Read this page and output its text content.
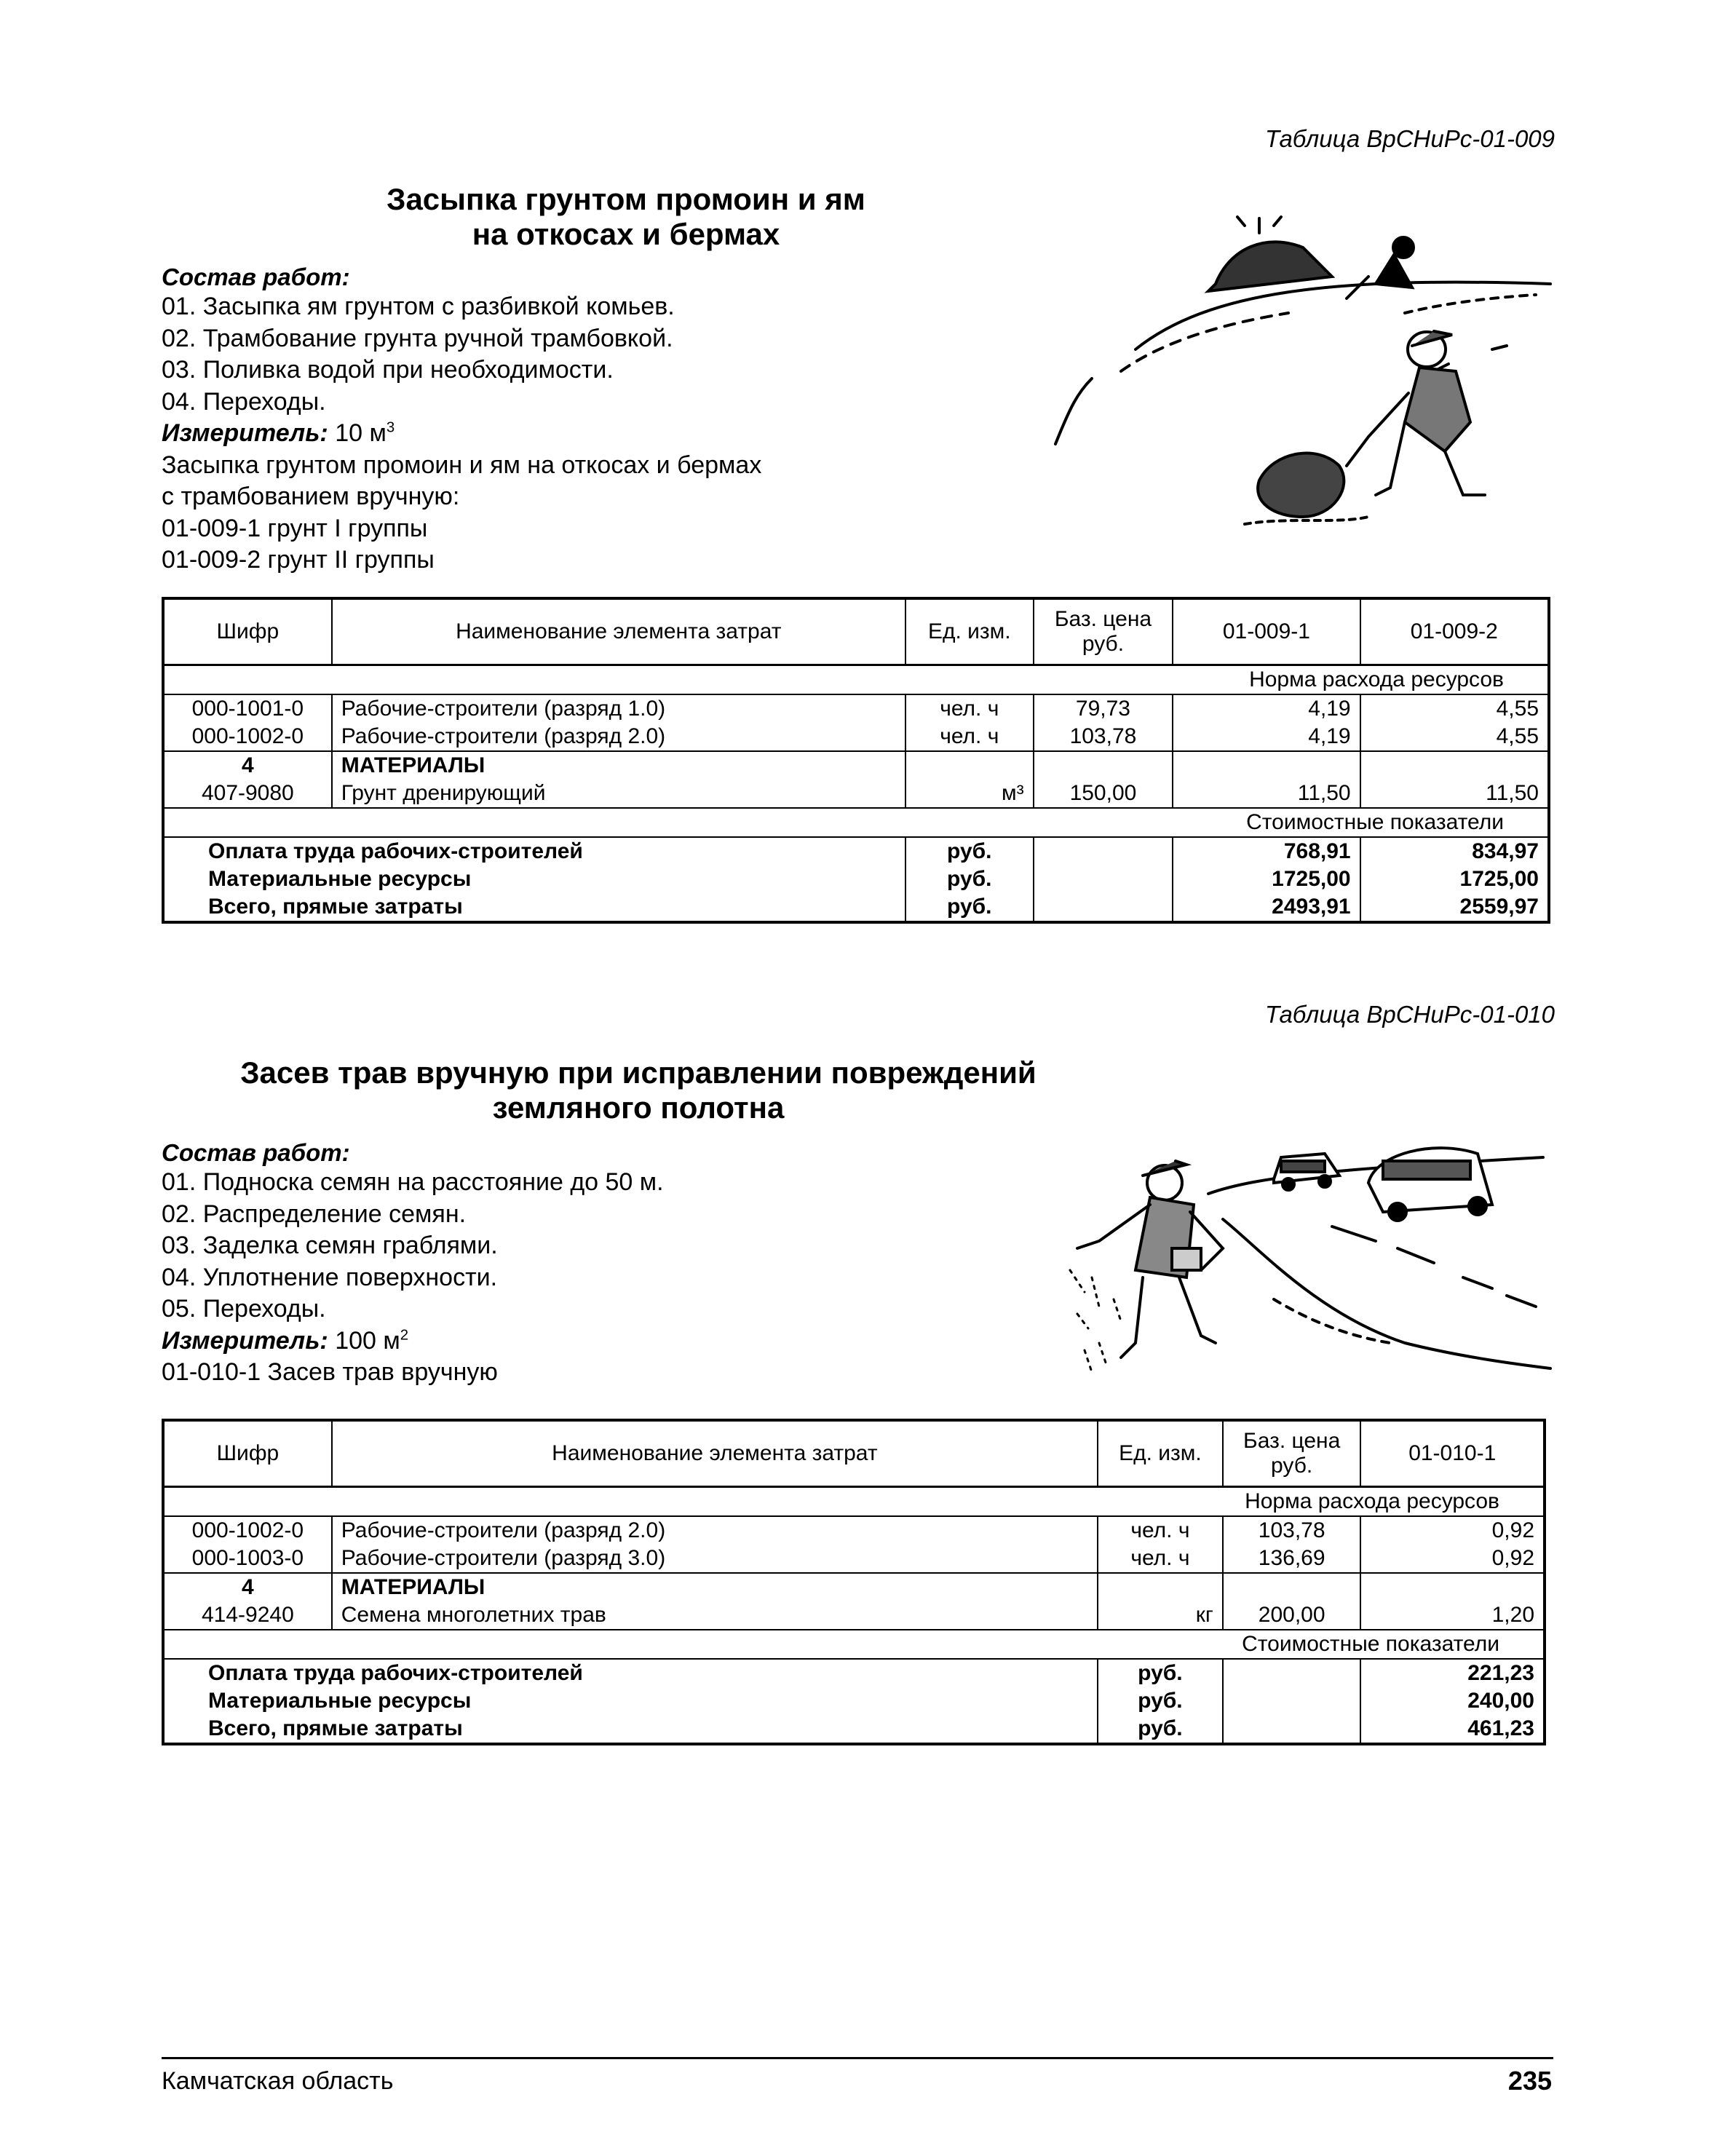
Таблица ВрСНиРс-01-009
Засыпка грунтом промоин и ям
на откосах и бермах
Состав работ:
01. Засыпка ям грунтом с разбивкой комьев.
02. Трамбование грунта ручной трамбовкой.
03. Поливка водой при необходимости.
04. Переходы.
Измеритель: 10 $м^3$
Засыпка грунтом промоин и ям на откосах и бермах
с трамбованием вручную:
01-009-1 грунт I группы
01-009-2 грунт II группы
Шифр	Наименование элемента затрат	Ед. изм.	Баз. цена руб.	01-009-1	01-009-2
Норма расхода ресурсов					
000-1001-0	Рабочие-строители (разряд 1.0)	чел. ч	79,73	4,19	4,55
000-1002-0	Рабочие-строители (разряд 2.0)	чел. ч	103,78	4,19	4,55
4	МАТЕРИАЛЫ				
407-9080	Грунт дренирующий	м³	150,00	11,50	11,50
Стоимостные показатели					
Оплата труда рабочих-строителей		руб.		768,91	834,97
Материальные ресурсы		руб.		1725,00	1725,00
Всего, прямые затраты		руб.		2493,91	2559,97
Таблица ВрСНиРс-01-010
Засев трав вручную при исправлении повреждений
земляного полотна
Состав работ:
01. Подноска семян на расстояние до 50 м.
02. Распределение семян.
03. Заделка семян граблями.
04. Уплотнение поверхности.
05. Переходы.
Измеритель: 100 $м^2$
01-010-1 Засев трав вручную
Шифр	Наименование элемента затрат	Ед. изм.	Баз. цена руб.	01-010-1
Норма расхода ресурсов				
000-1002-0	Рабочие-строители (разряд 2.0)	чел. ч	103,78	0,92
000-1003-0	Рабочие-строители (разряд 3.0)	чел. ч	136,69	0,92
4	МАТЕРИАЛЫ			
414-9240	Семена многолетних трав	кг	200,00	1,20
Стоимостные показатели				
Оплата труда рабочих-строителей		руб.		221,23
Материальные ресурсы		руб.		240,00
Всего, прямые затраты		руб.		461,23
Камчатская область	235
